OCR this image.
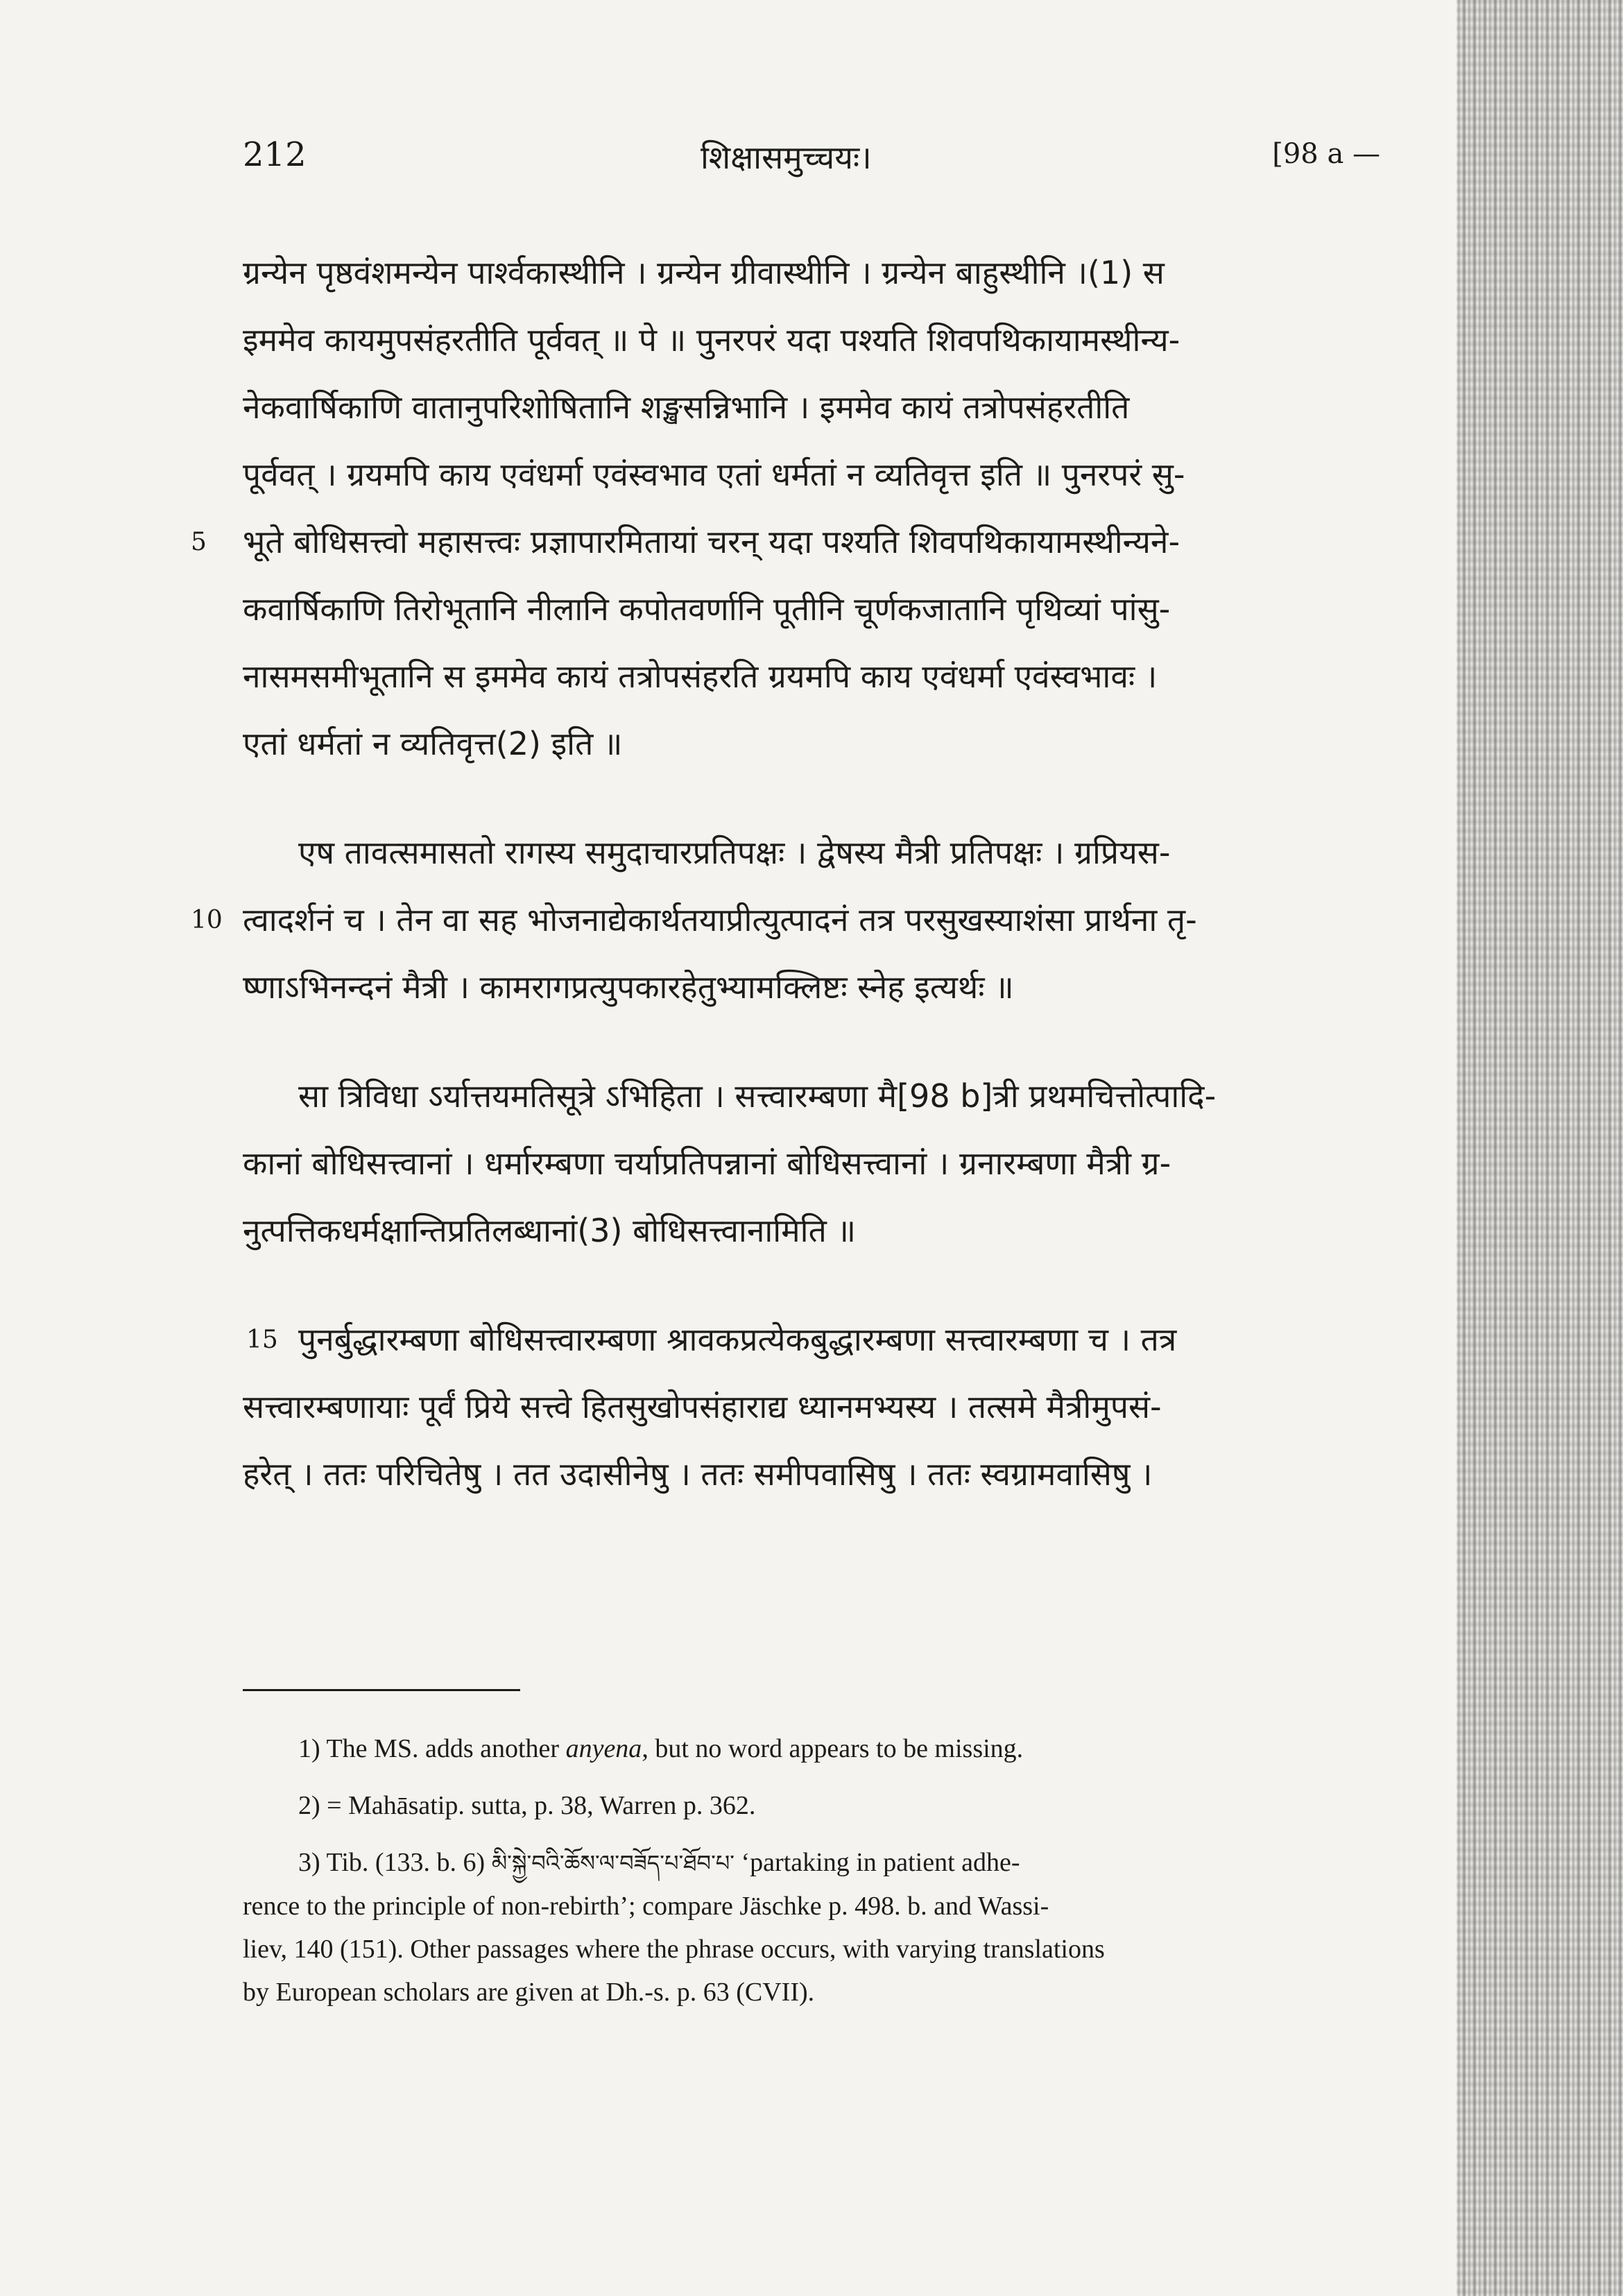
212	शिक्षासमुच्चयः।	[98 a —
ग्रन्येन पृष्ठवंशमन्येन पार्श्वकास्थीनि । ग्रन्येन ग्रीवास्थीनि । ग्रन्येन बाहुस्थीनि ।(1) स
इममेव कायमुपसंहरतीति पूर्ववत् ॥ पे ॥ पुनरपरं यदा पश्यति शिवपथिकायामस्थीन्य-
नेकवार्षिकाणि वातानुपरिशोषितानि शङ्खसन्निभानि । इममेव कायं तत्रोपसंहरतीति
पूर्ववत् । ग्रयमपि काय एवंधर्मा एवंस्वभाव एतां धर्मतां न व्यतिवृत्त इति ॥ पुनरपरं सु-
5 भूते बोधिसत्त्वो महासत्त्वः प्रज्ञापारमितायां चरन् यदा पश्यति शिवपथिकायामस्थीन्यने-
कवार्षिकाणि तिरोभूतानि नीलानि कपोतवर्णानि पूतीनि चूर्णकजातानि पृथिव्यां पांसु-
नासमसमीभूतानि स इममेव कायं तत्रोपसंहरति ग्रयमपि काय एवंधर्मा एवंस्वभावः ।
एतां धर्मतां न व्यतिवृत्त(2) इति ॥
एष तावत्समासतो रागस्य समुदाचारप्रतिपक्षः । द्वेषस्य मैत्री प्रतिपक्षः । ग्रप्रियस-
10 त्वादर्शनं च । तेन वा सह भोजनाद्येकार्थतयाप्रीत्युत्पादनं तत्र परसुखस्याशंसा प्रार्थना तृ-
ष्णाऽभिनन्दनं मैत्री । कामरागप्रत्युपकारहेतुभ्यामक्लिष्टः स्नेह इत्यर्थः ॥
सा त्रिविधा ऽर्यात्तयमतिसूत्रे ऽभिहिता । सत्त्वारम्बणा मै[98 b]त्री प्रथमचित्तोत्पादि-
कानां बोधिसत्त्वानां । धर्मारम्बणा चर्याप्रतिपन्नानां बोधिसत्त्वानां । ग्रनारम्बणा मैत्री ग्र-
नुत्पत्तिकधर्मक्षान्तिप्रतिलब्धानां(3) बोधिसत्त्वानामिति ॥
15 पुनर्बुद्धारम्बणा बोधिसत्त्वारम्बणा श्रावकप्रत्येकबुद्धारम्बणा सत्त्वारम्बणा च । तत्र
सत्त्वारम्बणायाः पूर्वं प्रिये सत्त्वे हितसुखोपसंहाराद्य ध्यानमभ्यस्य । तत्समे मैत्रीमुपसं-
हरेत् । ततः परिचितेषु । तत उदासीनेषु । ततः समीपवासिषु । ततः स्वग्रामवासिषु ।
1) The MS. adds another anyena, but no word appears to be missing.
2) = Mahāsatip. sutta, p. 38, Warren p. 362.
3) Tib. (133. b. 6) མི་སྐྱེ་བའི་ཆོས་ལ་བཟོད་པ་ཐོབ་པ་ ‘partaking in patient adhe-
rence to the principle of non-rebirth’; compare Jäschke p. 498. b. and Wassi-
liev, 140 (151). Other passages where the phrase occurs, with varying translations
by European scholars are given at Dh.-s. p. 63 (CVII).
